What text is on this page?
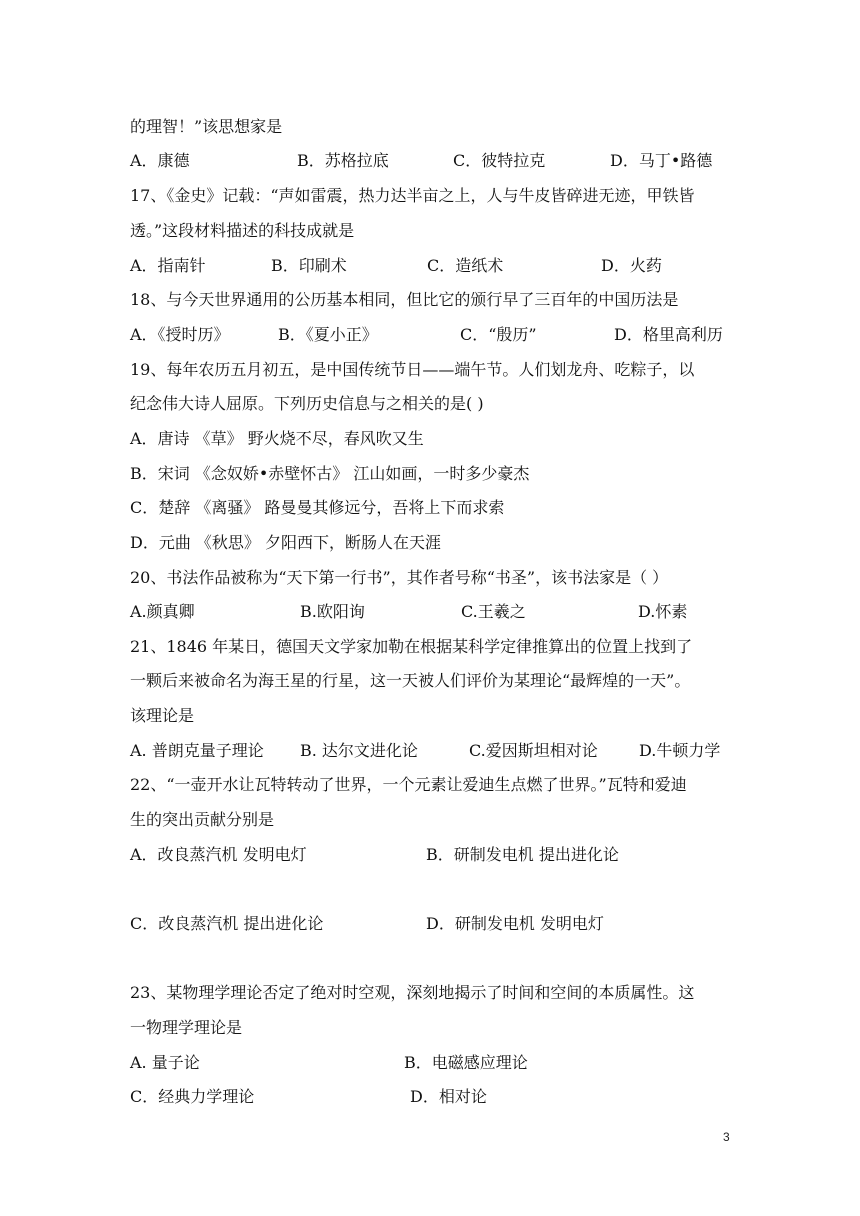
的理智！”该思想家是
A．康德	B．苏格拉底	C．彼特拉克	D．马丁•路德
17、《金史》记载：“声如雷震，热力达半亩之上，人与牛皮皆碎进无迹，甲铁皆
透。”这段材料描述的科技成就是
A．指南针	B．印刷术	C．造纸术	D．火药
18、与今天世界通用的公历基本相同，但比它的颁行早了三百年的中国历法是
A．《授时历》	B．《夏小正》	C．“殷历”	D．格里高利历
19、每年农历五月初五，是中国传统节日——端午节。人们划龙舟、吃粽子，以
纪念伟大诗人屈原。下列历史信息与之相关的是( )
A．唐诗 《草》 野火烧不尽，春风吹又生
B．宋词 《念奴娇•赤壁怀古》 江山如画，一时多少豪杰
C．楚辞 《离骚》 路曼曼其修远兮，吾将上下而求索
D．元曲 《秋思》 夕阳西下，断肠人在天涯
20、书法作品被称为“天下第一行书”，其作者号称“书圣”，该书法家是（ ）
A.颜真卿	B.欧阳询	C.王羲之	D.怀素
21、1846 年某日，德国天文学家加勒在根据某科学定律推算出的位置上找到了
一颗后来被命名为海王星的行星，这一天被人们评价为某理论“最辉煌的一天”。
该理论是
A. 普朗克量子理论 B. 达尔文进化论	C.爱因斯坦相对论	D.牛顿力学
22、“一壶开水让瓦特转动了世界，一个元素让爱迪生点燃了世界。”瓦特和爱迪
生的突出贡献分别是
A．改良蒸汽机 发明电灯	B．研制发电机 提出进化论
C．改良蒸汽机 提出进化论	D．研制发电机 发明电灯
23、某物理学理论否定了绝对时空观，深刻地揭示了时间和空间的本质属性。这
一物理学理论是
A. 量子论	B．电磁感应理论
C．经典力学理论	D．相对论
3
